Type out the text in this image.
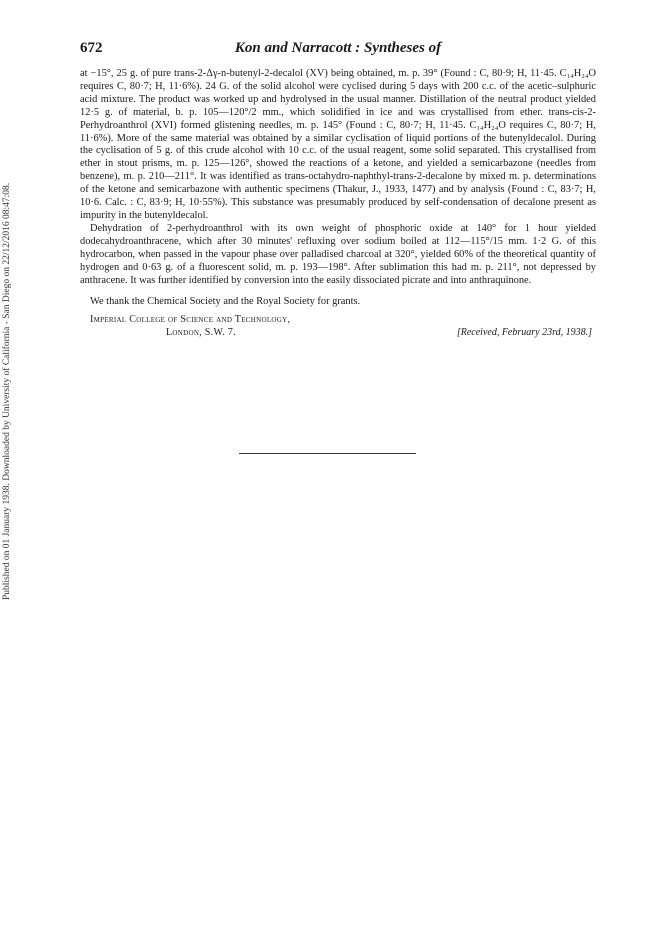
Published on 01 January 1938. Downloaded by University of California - San Diego on 22/12/2016 08:47:08.
672	Kon and Narracott : Syntheses of

at −15°, 25 g. of pure trans-2-Δγ-n-butenyl-2-decalol (XV) being obtained, m. p. 39° (Found : C, 80·9; H, 11·45. C₁₄H₂₄O requires C, 80·7; H, 11·6%). 24 G. of the solid alcohol were cyclised during 5 days with 200 c.c. of the acetic–sulphuric acid mixture. The product was worked up and hydrolysed in the usual manner. Distillation of the neutral product yielded 12·5 g. of material, b. p. 105—120°/2 mm., which solidified in ice and was crystallised from ether. trans-cis-2-Perhydroanthrol (XVI) formed glistening needles, m. p. 145° (Found : C, 80·7; H, 11·45. C₁₄H₂₄O requires C, 80·7; H, 11·6%). More of the same material was obtained by a similar cyclisation of liquid portions of the butenyldecalol. During the cyclisation of 5 g. of this crude alcohol with 10 c.c. of the usual reagent, some solid separated. This crystallised from ether in stout prisms, m. p. 125—126°, showed the reactions of a ketone, and yielded a semicarbazone (needles from benzene), m. p. 210—211°. It was identified as trans-octahydro-naphthyl-trans-2-decalone by mixed m. p. determinations of the ketone and semicarbazone with authentic specimens (Thakur, J., 1933, 1477) and by analysis (Found : C, 83·7; H, 10·6. Calc. : C, 83·9; H, 10·55%). This substance was presumably produced by self-condensation of decalone present as impurity in the butenyldecalol.

Dehydration of 2-perhydroanthrol with its own weight of phosphoric oxide at 140° for 1 hour yielded dodecahydroanthracene, which after 30 minutes' refluxing over sodium boiled at 112—115°/15 mm. 1·2 G. of this hydrocarbon, when passed in the vapour phase over palladised charcoal at 320°, yielded 60% of the theoretical quantity of hydrogen and 0·63 g. of a fluorescent solid, m. p. 193—198°. After sublimation this had m. p. 211°, not depressed by anthracene. It was further identified by conversion into the easily dissociated picrate and into anthraquinone.

We thank the Chemical Society and the Royal Society for grants.
Imperial College of Science and Technology,
London, S.W. 7.	[Received, February 23rd, 1938.]
